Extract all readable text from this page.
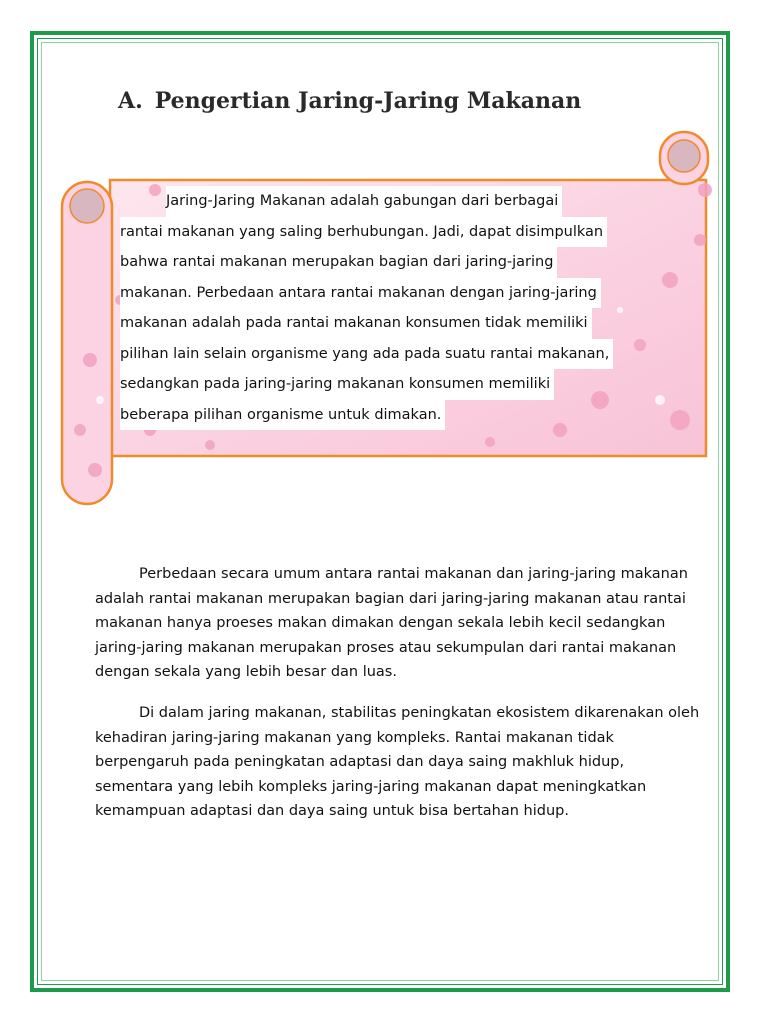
A. Pengertian Jaring-Jaring Makanan
Jaring-Jaring Makanan adalah gabungan dari berbagai
rantai makanan yang saling berhubungan. Jadi, dapat disimpulkan
bahwa rantai makanan merupakan bagian dari jaring-jaring
makanan. Perbedaan antara rantai makanan dengan jaring-jaring
makanan adalah pada rantai makanan konsumen tidak memiliki
pilihan lain selain organisme yang ada pada suatu rantai makanan,
sedangkan pada jaring-jaring makanan konsumen memiliki
beberapa pilihan organisme untuk dimakan.

Perbedaan secara umum antara rantai makanan dan jaring-jaring makanan adalah rantai makanan merupakan bagian dari jaring-jaring makanan atau rantai makanan hanya proeses makan dimakan dengan sekala lebih kecil sedangkan jaring-jaring makanan merupakan proses atau sekumpulan dari rantai makanan dengan sekala yang lebih besar dan luas.

Di dalam jaring makanan, stabilitas peningkatan ekosistem dikarenakan oleh kehadiran jaring-jaring makanan yang kompleks. Rantai makanan tidak berpengaruh pada peningkatan adaptasi dan daya saing makhluk hidup, sementara yang lebih kompleks jaring-jaring makanan dapat meningkatkan kemampuan adaptasi dan daya saing untuk bisa bertahan hidup.
